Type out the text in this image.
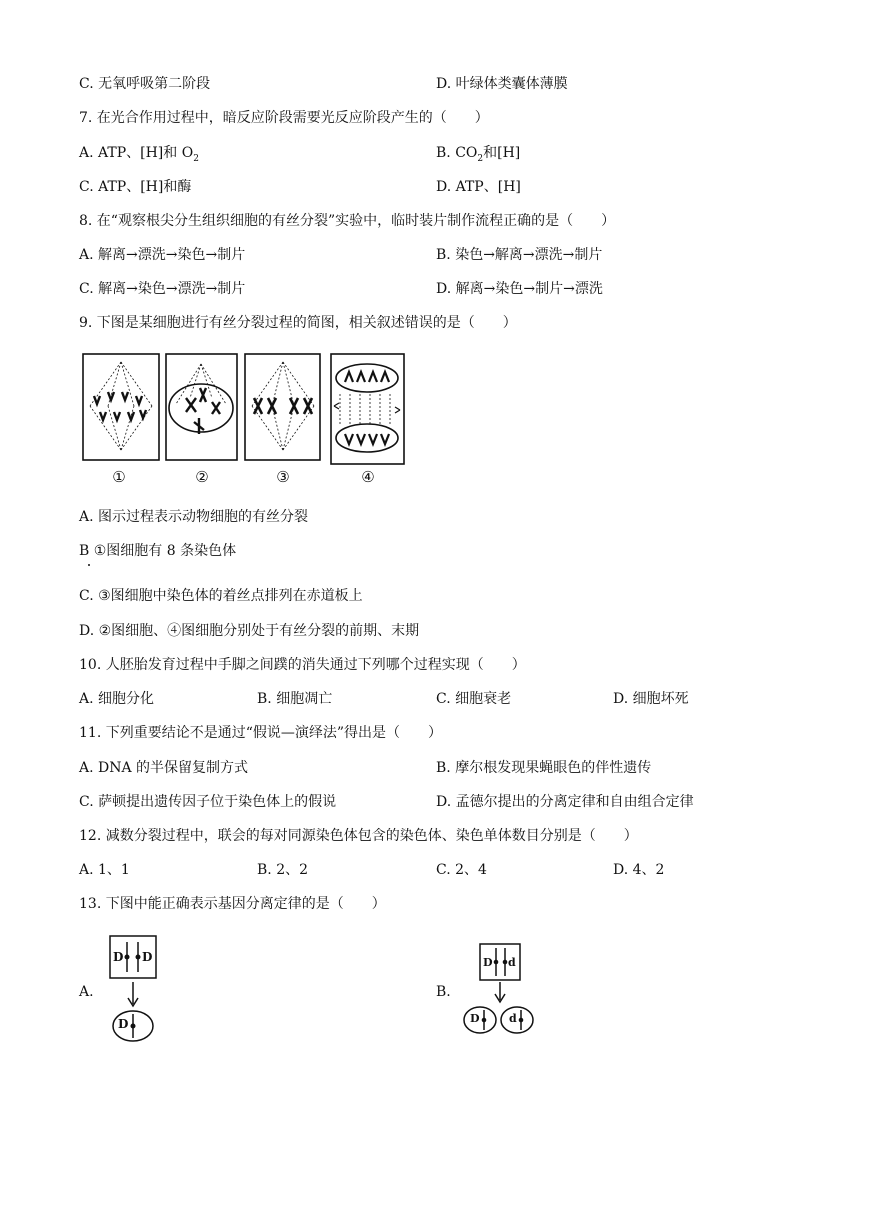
C. 无氧呼吸第二阶段	D. 叶绿体类囊体薄膜
7. 在光合作用过程中，暗反应阶段需要光反应阶段产生的（　　）
A. ATP、[H]和 $O_2$	B. $CO_2$和[H]
C. ATP、[H]和酶	D. ATP、[H]
8. 在“观察根尖分生组织细胞的有丝分裂”实验中，临时装片制作流程正确的是（　　）
A. 解离→漂洗→染色→制片	B. 染色→解离→漂洗→制片
C. 解离→染色→漂洗→制片	D. 解离→染色→制片→漂洗
9. 下图是某细胞进行有丝分裂过程的简图，相关叙述错误的是（　　）
①	②	③	④
A. 图示过程表示动物细胞的有丝分裂
B ①图细胞有 8 条染色体
C. ③图细胞中染色体的着丝点排列在赤道板上
D. ②图细胞、④图细胞分别处于有丝分裂的前期、末期
10. 人胚胎发育过程中手脚之间蹼的消失通过下列哪个过程实现（　　）
A. 细胞分化	B. 细胞凋亡	C. 细胞衰老	D. 细胞坏死
11. 下列重要结论不是通过“假说—演绎法”得出是（　　）
A. DNA 的半保留复制方式	B. 摩尔根发现果蝇眼色的伴性遗传
C. 萨顿提出遗传因子位于染色体上的假说	D. 孟德尔提出的分离定律和自由组合定律
12. 减数分裂过程中，联会的每对同源染色体包含的染色体、染色单体数目分别是（　　）
A. 1、1	B. 2、2	C. 2、4	D. 4、2
13. 下图中能正确表示基因分离定律的是（　　）
A.	B.
D D
D
D d
D	d
